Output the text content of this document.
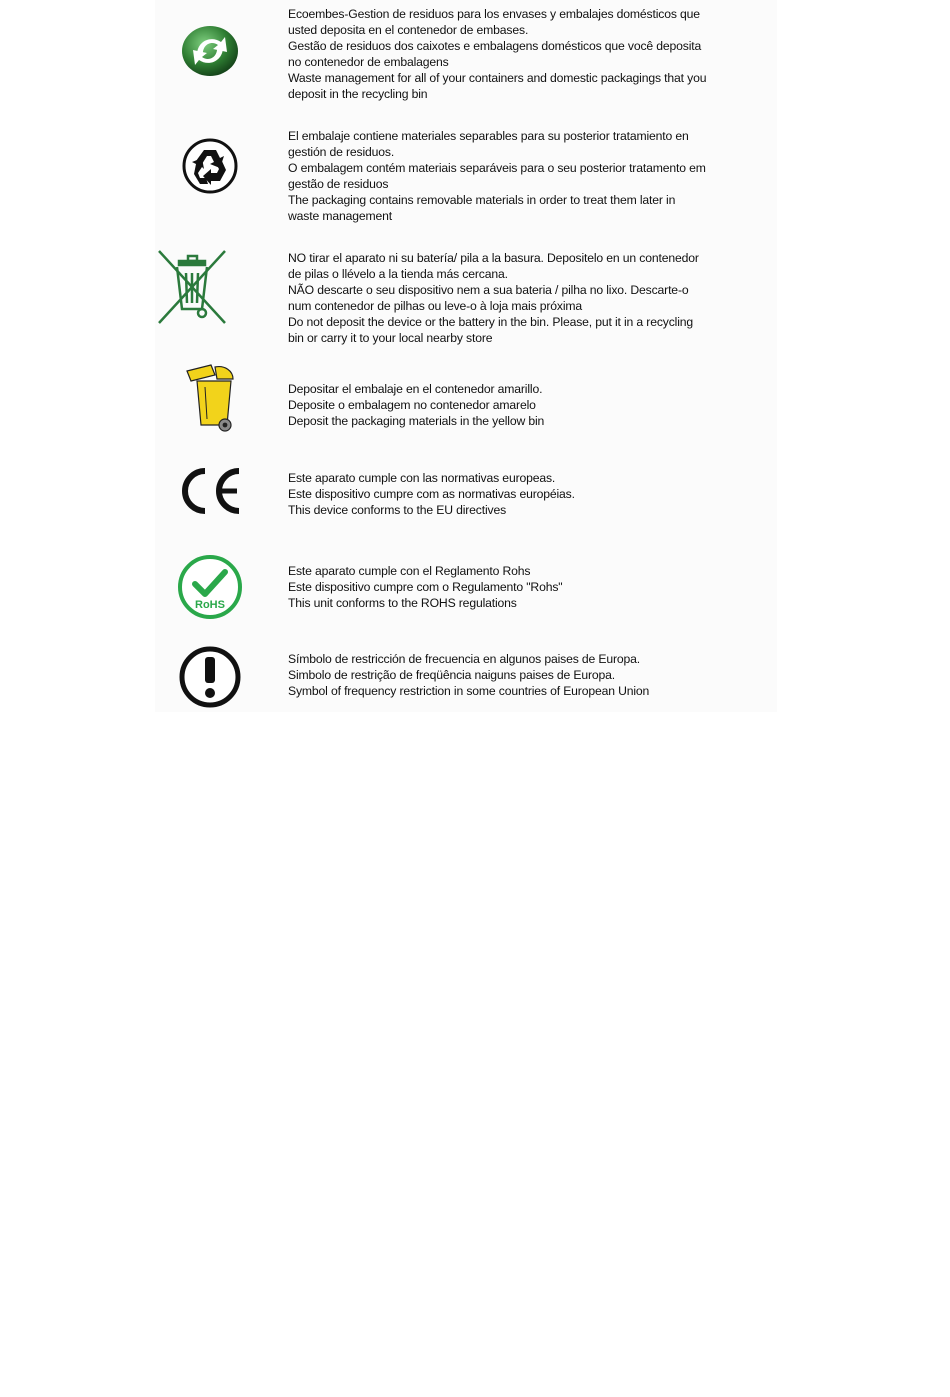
Ecoembes-Gestion de residuos para los envases y embalajes domésticos que
usted deposita en el contenedor de embases.
Gestão de residuos dos caixotes e embalagens domésticos que você deposita
no contenedor de embalagens
Waste management for all of your containers and domestic packagings that you
deposit in the recycling bin

El embalaje contiene materiales separables para su posterior tratamiento en
gestión de residuos.
O embalagem contém materiais separáveis para o seu posterior tratamento em
gestão de residuos
The packaging contains removable materials in order to treat them later in
waste management

NO tirar el aparato ni su batería/ pila a la basura. Depositelo en un contenedor
de pilas o llévelo a la tienda más cercana.
NÃO descarte o seu dispositivo nem a sua bateria / pilha no lixo. Descarte-o
num contenedor de pilhas ou leve-o à loja mais próxima
Do not deposit the device or the battery in the bin. Please, put it in a recycling
bin or carry it to your local nearby store

Depositar el embalaje en el contenedor amarillo.
Deposite o embalagem no contenedor amarelo
Deposit the packaging materials in the yellow bin

Este aparato cumple con las normativas europeas.
Este dispositivo cumpre com as normativas européias.
This device conforms to the EU directives

RoHS

Este aparato cumple con el Reglamento Rohs
Este dispositivo cumpre com o Regulamento "Rohs"
This unit conforms to the ROHS regulations

Símbolo de restricción de frecuencia en algunos paises de Europa.
Simbolo de restrição de freqüência naiguns paises de Europa.
Symbol of frequency restriction in some countries of European Union
